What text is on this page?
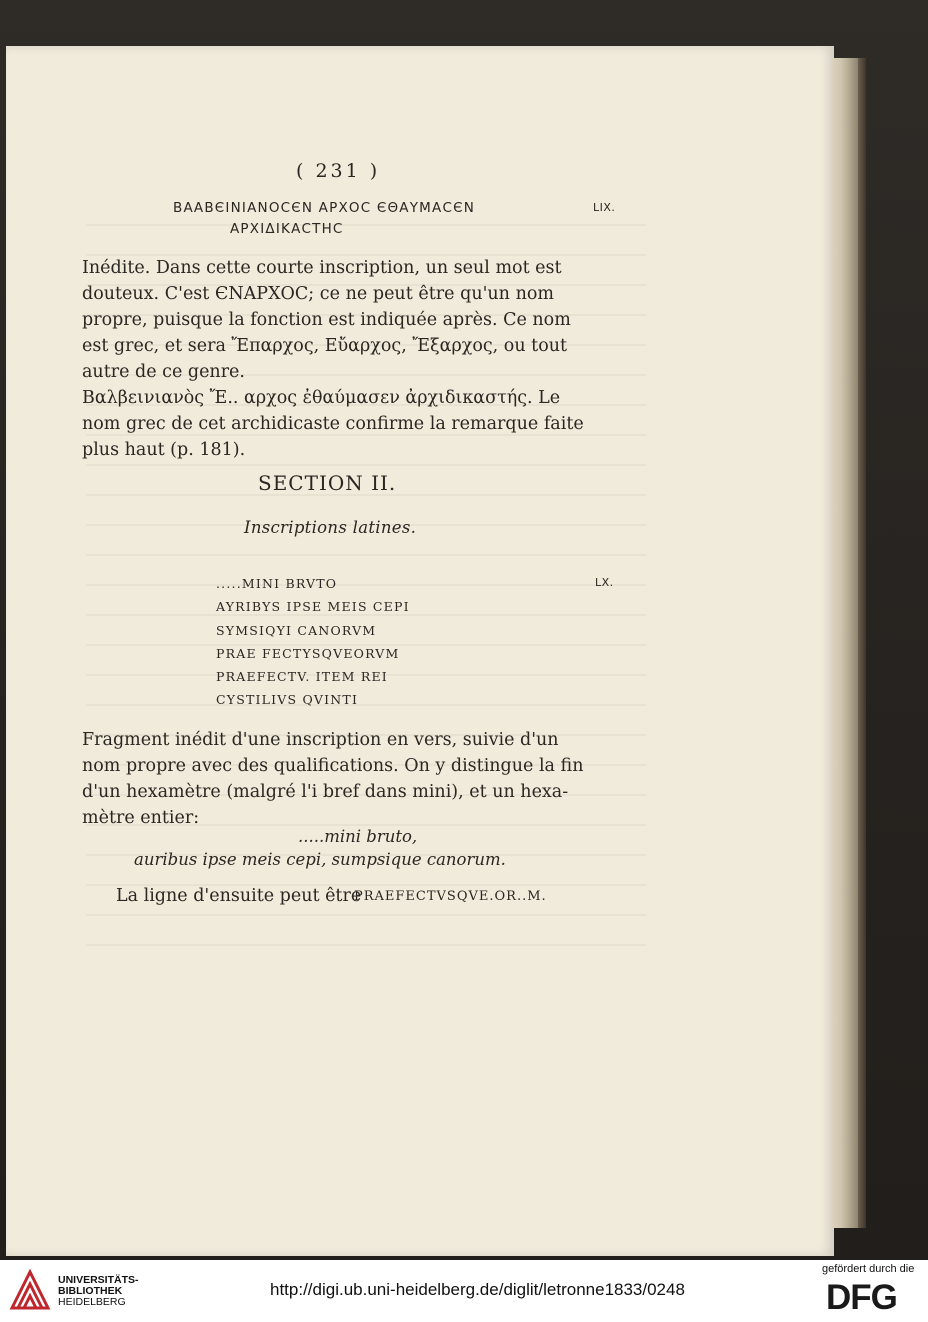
( 231 )
ΒΑΑΒЄΙΝΙΑΝΟϹЄΝ ΑΡΧΟϹ ЄΘΑΥΜΑϹЄΝ
ΑΡΧΙΔΙΚΑϹΤΗϹ
LIX.
Inédite. Dans cette courte inscription, un seul mot est
douteux. C'est ЄΝΑΡΧΟϹ; ce ne peut être qu'un nom
propre, puisque la fonction est indiquée après. Ce nom
est grec, et sera Ἔπαρχος, Εὔαρχος, Ἔξαρχος, ou tout
autre de ce genre.
Βαλβεινιανὸς Ἔ.. αρχος ἐθαύμασεν ἀρχιδικαστής. Le
nom grec de cet archidicaste confirme la remarque faite
plus haut (p. 181).
SECTION II.
Inscriptions latines.
.....MINI BRVTO	LX.
AYRIBYS IPSE MEIS CEPI
SYMSIQYI CANORVM
PRAE FECTYSQVEORVM
PRAEFECTV. ITEM REI
CYSTILIVS QVINTI
Fragment inédit d'une inscription en vers, suivie d'un
nom propre avec des qualifications. On y distingue la fin
d'un hexamètre (malgré l'i bref dans mini), et un hexa-
mètre entier:
.....mini bruto,
auribus ipse meis cepi, sumpsique canorum.
La ligne d'ensuite peut être
PRAEFECTVSQVE.OR..M.
UNIVERSITÄTS-
BIBLIOTHEK
HEIDELBERG
http://digi.ub.uni-heidelberg.de/diglit/letronne1833/0248
gefördert durch die
DFG
